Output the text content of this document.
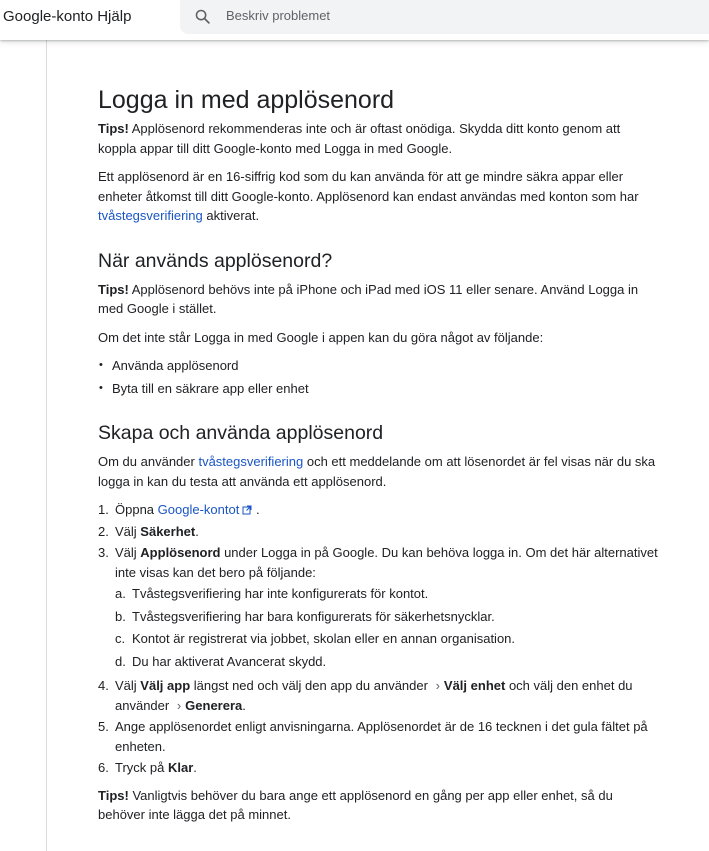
Google-konto Hjälp	Beskriv problemet
Logga in med applösenord

Tips! Applösenord rekommenderas inte och är oftast onödiga. Skydda ditt konto genom att koppla appar till ditt Google-konto med Logga in med Google.

Ett applösenord är en 16-siffrig kod som du kan använda för att ge mindre säkra appar eller enheter åtkomst till ditt Google-konto. Applösenord kan endast användas med konton som har tvåstegsverifiering aktiverat.

När används applösenord?

Tips! Applösenord behövs inte på iPhone och iPad med iOS 11 eller senare. Använd Logga in med Google i stället.

Om det inte står Logga in med Google i appen kan du göra något av följande:

• Använda applösenord
• Byta till en säkrare app eller enhet
Skapa och använda applösenord

Om du använder tvåstegsverifiering och ett meddelande om att lösenordet är fel visas när du ska logga in kan du testa att använda ett applösenord.

1. Öppna Google-kontot .
2. Välj Säkerhet.
3. Välj Applösenord under Logga in på Google. Du kan behöva logga in. Om det här alternativet inte visas kan det bero på följande:
a. Tvåstegsverifiering har inte konfigurerats för kontot.
b. Tvåstegsverifiering har bara konfigurerats för säkerhetsnycklar.
c. Kontot är registrerat via jobbet, skolan eller en annan organisation.
d. Du har aktiverat Avancerat skydd.
4. Välj Välj app längst ned och välj den app du använder › Välj enhet och välj den enhet du använder › Generera.
5. Ange applösenordet enligt anvisningarna. Applösenordet är de 16 tecknen i det gula fältet på enheten.
6. Tryck på Klar.

Tips! Vanligtvis behöver du bara ange ett applösenord en gång per app eller enhet, så du behöver inte lägga det på minnet.
